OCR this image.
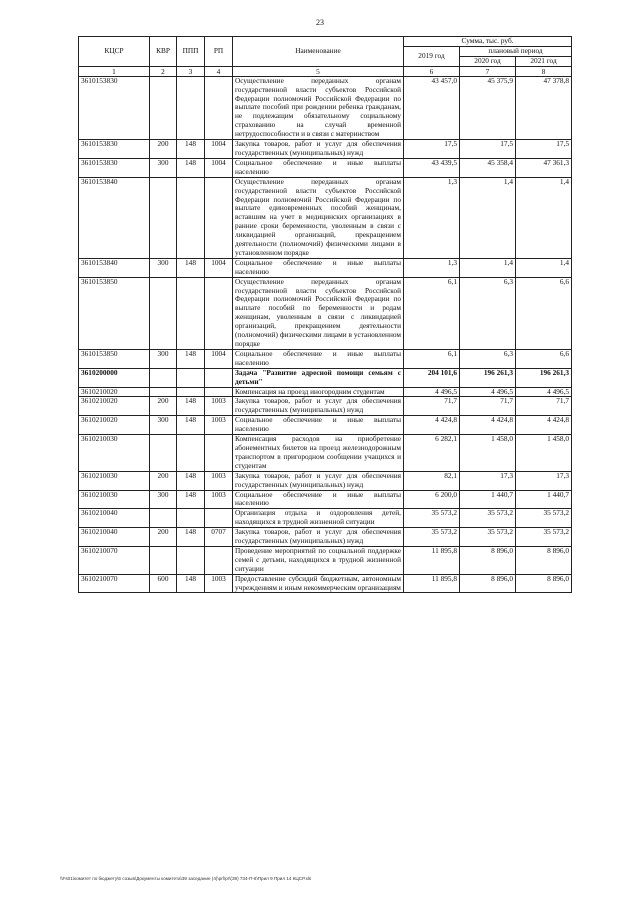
23
КЦСР	КВР	ППП	РП	Наименование	Сумма, тыс. руб.		
					2019 год	плановый период	
						2020 год	2021 год
1	2	3	4	5	6	7	8
3610153830				Осуществление переданных органам государственной власти субъектов Российской Федерации полномочий Российской Федерации по выплате пособий при рождении ребенка гражданам, не подлежащим обязательному социальному страхованию на случай временной нетрудоспособности и в связи с материнством	43 457,0	45 375,9	47 378,8
3610153830	200	148	1004	Закупка товаров, работ и услуг для обеспечения государственных (муниципальных) нужд	17,5	17,5	17,5
3610153830	300	148	1004	Социальное обеспечение и иные выплаты населению	43 439,5	45 358,4	47 361,3
3610153840				Осуществление переданных органам государственной власти субъектов Российской Федерации полномочий Российской Федерации по выплате единовременных пособий женщинам, вставшим на учет в медицинских организациях в ранние сроки беременности, уволенным в связи с ликвидацией организаций, прекращением деятельности (полномочий) физическими лицами в установленном порядке	1,3	1,4	1,4
3610153840	300	148	1004	Социальное обеспечение и иные выплаты населению	1,3	1,4	1,4
3610153850				Осуществление переданных органам государственной власти субъектов Российской Федерации полномочий Российской Федерации по выплате пособий по беременности и родам женщинам, уволенным в связи с ликвидацией организаций, прекращением деятельности (полномочий) физическими лицами в установленном порядке	6,1	6,3	6,6
3610153850	300	148	1004	Социальное обеспечение и иные выплаты населению	6,1	6,3	6,6
3610200000				Задача "Развитие адресной помощи семьям с детьми"	204 101,6	196 261,3	196 261,3
3610210020				Компенсация на проезд иногородним студентам	4 496,5	4 496,5	4 496,5
3610210020	200	148	1003	Закупка товаров, работ и услуг для обеспечения государственных (муниципальных) нужд	71,7	71,7	71,7
3610210020	300	148	1003	Социальное обеспечение и иные выплаты населению	4 424,8	4 424,8	4 424,8
3610210030				Компенсация расходов на приобретение абонементных билетов на проезд железнодорожным транспортом в пригородном сообщении учащихся и студентам	6 282,1	1 458,0	1 458,0
3610210030	200	148	1003	Закупка товаров, работ и услуг для обеспечения государственных (муниципальных) нужд	82,1	17,3	17,3
3610210030	300	148	1003	Социальное обеспечение и иные выплаты населению	6 200,0	1 440,7	1 440,7
3610210040				Организация отдыха и оздоровления детей, находящихся в трудной жизненной ситуации	35 573,2	35 573,2	35 573,2
3610210040	200	148	0707	Закупка товаров, работ и услуг для обеспечения государственных (муниципальных) нужд	35 573,2	35 573,2	35 573,2
3610210070				Проведение мероприятий по социальной поддержке семей с детьми, находящихся в трудной жизненной ситуации	11 895,8	8 896,0	8 896,0
3610210070	600	148	1003	Предоставление субсидий бюджетным, автономным учреждениям и иным некоммерческим организациям	11 895,8	8 896,0	8 896,0
\\Fs01\комитет по бюджету\6 созыв\Документы комитета\39 заседание (4)\prl\pr\(39) 734-П-6\Прил 9 Прил 14 КЦСР.xls
